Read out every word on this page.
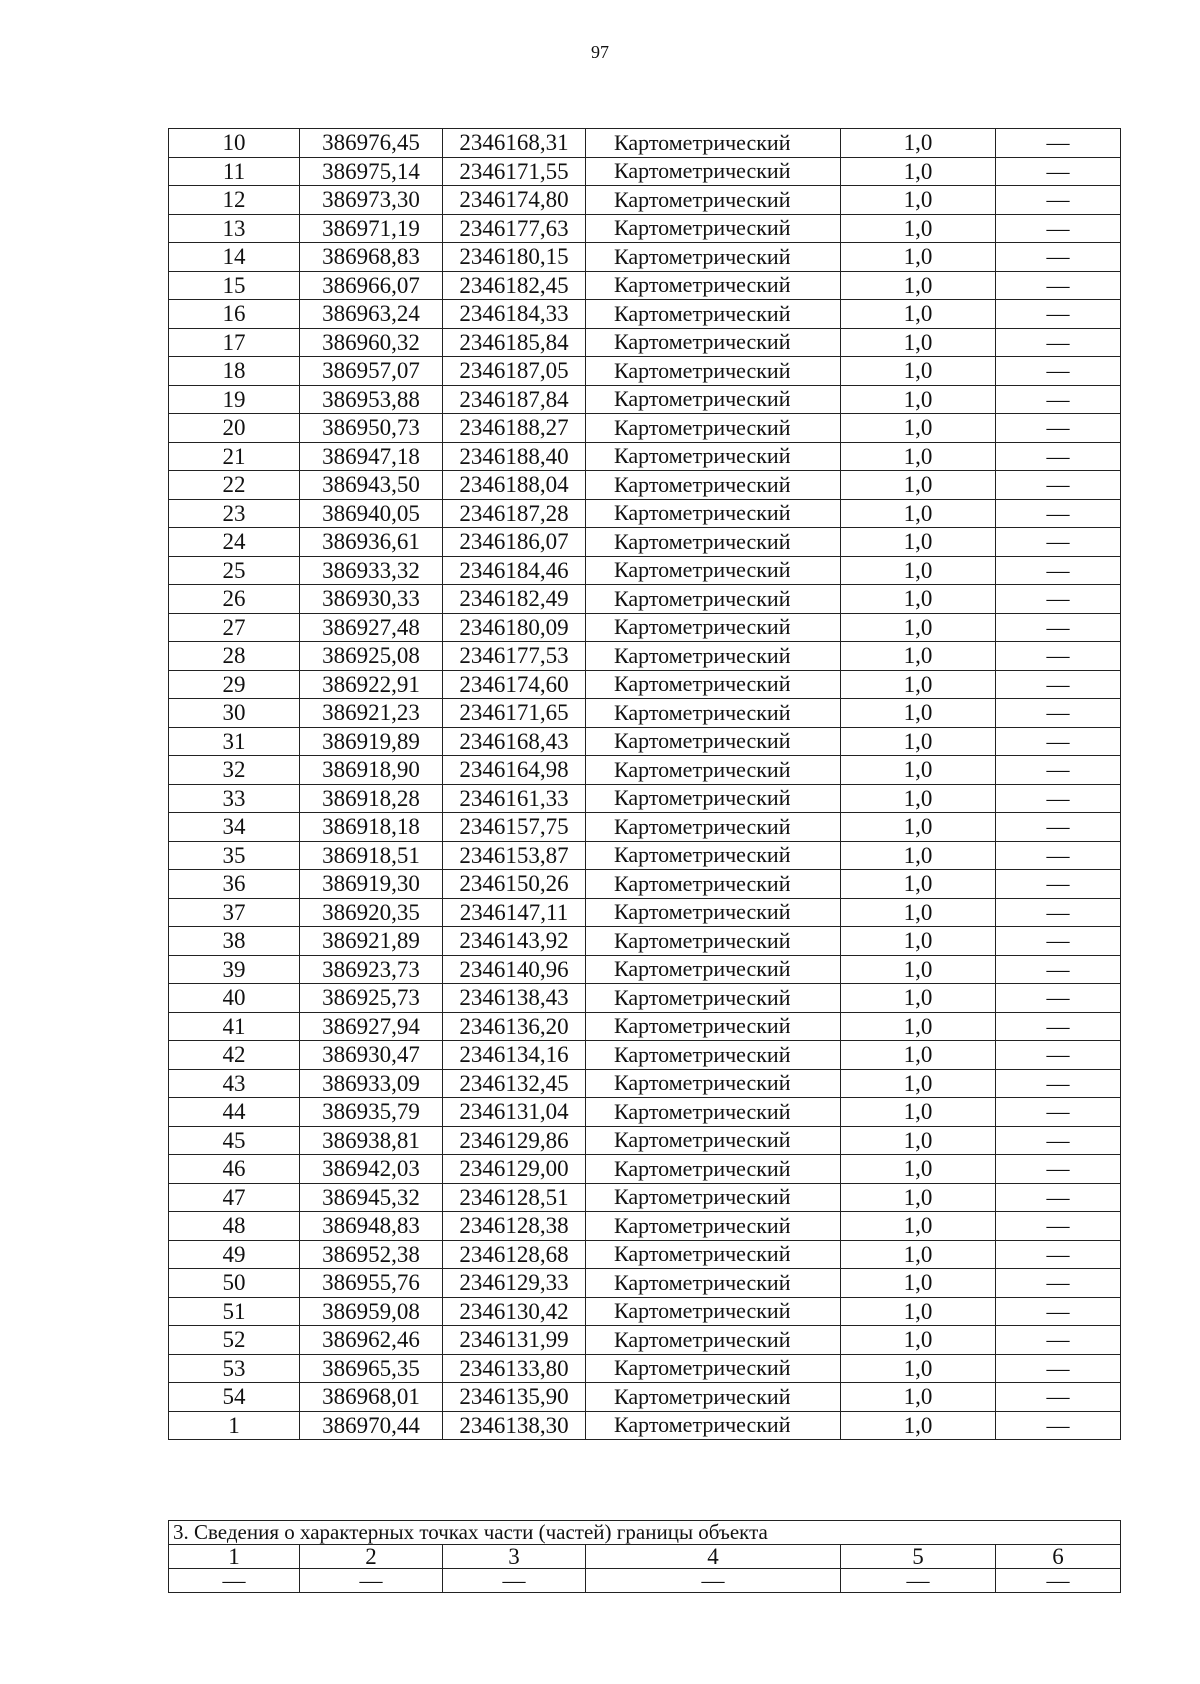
97
10	386976,45	2346168,31	Картометрический	1,0	—
11	386975,14	2346171,55	Картометрический	1,0	—
12	386973,30	2346174,80	Картометрический	1,0	—
13	386971,19	2346177,63	Картометрический	1,0	—
14	386968,83	2346180,15	Картометрический	1,0	—
15	386966,07	2346182,45	Картометрический	1,0	—
16	386963,24	2346184,33	Картометрический	1,0	—
17	386960,32	2346185,84	Картометрический	1,0	—
18	386957,07	2346187,05	Картометрический	1,0	—
19	386953,88	2346187,84	Картометрический	1,0	—
20	386950,73	2346188,27	Картометрический	1,0	—
21	386947,18	2346188,40	Картометрический	1,0	—
22	386943,50	2346188,04	Картометрический	1,0	—
23	386940,05	2346187,28	Картометрический	1,0	—
24	386936,61	2346186,07	Картометрический	1,0	—
25	386933,32	2346184,46	Картометрический	1,0	—
26	386930,33	2346182,49	Картометрический	1,0	—
27	386927,48	2346180,09	Картометрический	1,0	—
28	386925,08	2346177,53	Картометрический	1,0	—
29	386922,91	2346174,60	Картометрический	1,0	—
30	386921,23	2346171,65	Картометрический	1,0	—
31	386919,89	2346168,43	Картометрический	1,0	—
32	386918,90	2346164,98	Картометрический	1,0	—
33	386918,28	2346161,33	Картометрический	1,0	—
34	386918,18	2346157,75	Картометрический	1,0	—
35	386918,51	2346153,87	Картометрический	1,0	—
36	386919,30	2346150,26	Картометрический	1,0	—
37	386920,35	2346147,11	Картометрический	1,0	—
38	386921,89	2346143,92	Картометрический	1,0	—
39	386923,73	2346140,96	Картометрический	1,0	—
40	386925,73	2346138,43	Картометрический	1,0	—
41	386927,94	2346136,20	Картометрический	1,0	—
42	386930,47	2346134,16	Картометрический	1,0	—
43	386933,09	2346132,45	Картометрический	1,0	—
44	386935,79	2346131,04	Картометрический	1,0	—
45	386938,81	2346129,86	Картометрический	1,0	—
46	386942,03	2346129,00	Картометрический	1,0	—
47	386945,32	2346128,51	Картометрический	1,0	—
48	386948,83	2346128,38	Картометрический	1,0	—
49	386952,38	2346128,68	Картометрический	1,0	—
50	386955,76	2346129,33	Картометрический	1,0	—
51	386959,08	2346130,42	Картометрический	1,0	—
52	386962,46	2346131,99	Картометрический	1,0	—
53	386965,35	2346133,80	Картометрический	1,0	—
54	386968,01	2346135,90	Картометрический	1,0	—
1	386970,44	2346138,30	Картометрический	1,0	—
3. Сведения о характерных точках части (частей) границы объекта					
1	2	3	4	5	6
—	—	—	—	—	—
